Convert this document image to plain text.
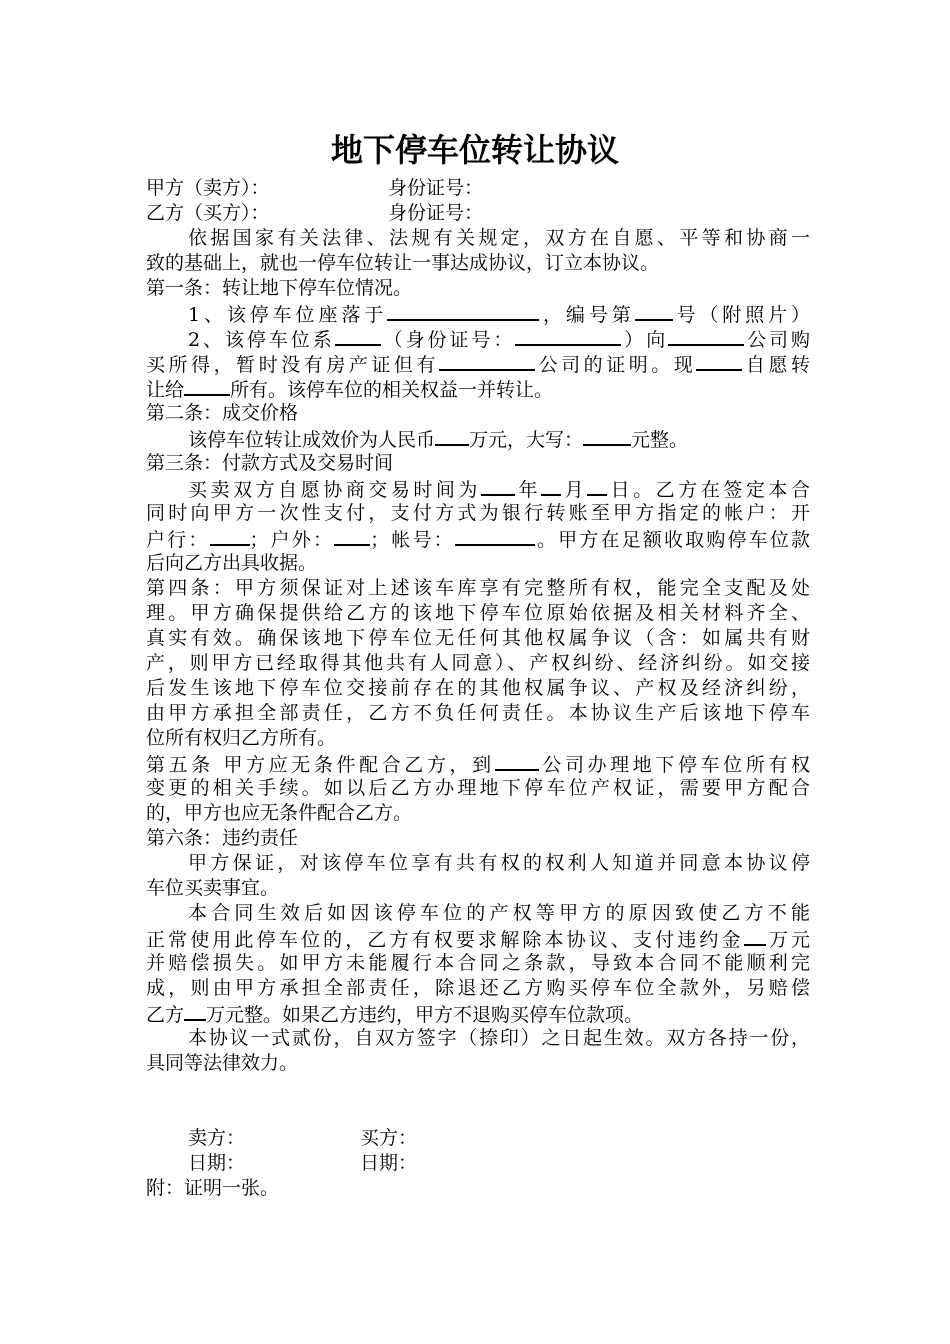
地下停车位转让协议
甲方（卖方）：	身份证号：
乙方（买方）：	身份证号：
依据国家有关法律、法规有关规定，双方在自愿、平等和协商一
致的基础上，就也一停车位转让一事达成协议，订立本协议。
第一条：转让地下停车位情况。
1、该停车位座落于	，编号第 号（附照片）
2、该停车位系 （身份证号：	）向	公司购
买所得，暂时没有房产证但有	公司的证明。现 自愿转
让给 所有。该停车位的相关权益一并转让。
第二条：成交价格
该停车位转让成效价为人民币 万元，大写：	元整。
第三条：付款方式及交易时间
买卖双方自愿协商交易时间为 年 月 日。乙方在签定本合
同时向甲方一次性支付，支付方式为银行转账至甲方指定的帐户：开
户行： ；户外： ；帐号：	。甲方在足额收取购停车位款
后向乙方出具收据。
第四条：甲方须保证对上述该车库享有完整所有权，能完全支配及处
理。甲方确保提供给乙方的该地下停车位原始依据及相关材料齐全、
真实有效。确保该地下停车位无任何其他权属争议（含：如属共有财
产，则甲方已经取得其他共有人同意）、产权纠纷、经济纠纷。如交接
后发生该地下停车位交接前存在的其他权属争议、产权及经济纠纷，
由甲方承担全部责任，乙方不负任何责任。本协议生产后该地下停车
位所有权归乙方所有。
第五条 甲方应无条件配合乙方，到 公司办理地下停车位所有权
变更的相关手续。如以后乙方办理地下停车位产权证，需要甲方配合
的，甲方也应无条件配合乙方。
第六条：违约责任
甲方保证，对该停车位享有共有权的权利人知道并同意本协议停
车位买卖事宜。
本合同生效后如因该停车位的产权等甲方的原因致使乙方不能
正常使用此停车位的，乙方有权要求解除本协议、支付违约金 万元
并赔偿损失。如甲方未能履行本合同之条款，导致本合同不能顺利完
成，则由甲方承担全部责任，除退还乙方购买停车位全款外，另赔偿
乙方 万元整。如果乙方违约，甲方不退购买停车位款项。
本协议一式贰份，自双方签字（捺印）之日起生效。双方各持一份，
具同等法律效力。
卖方：	买方：
日期：	日期：
附：证明一张。
